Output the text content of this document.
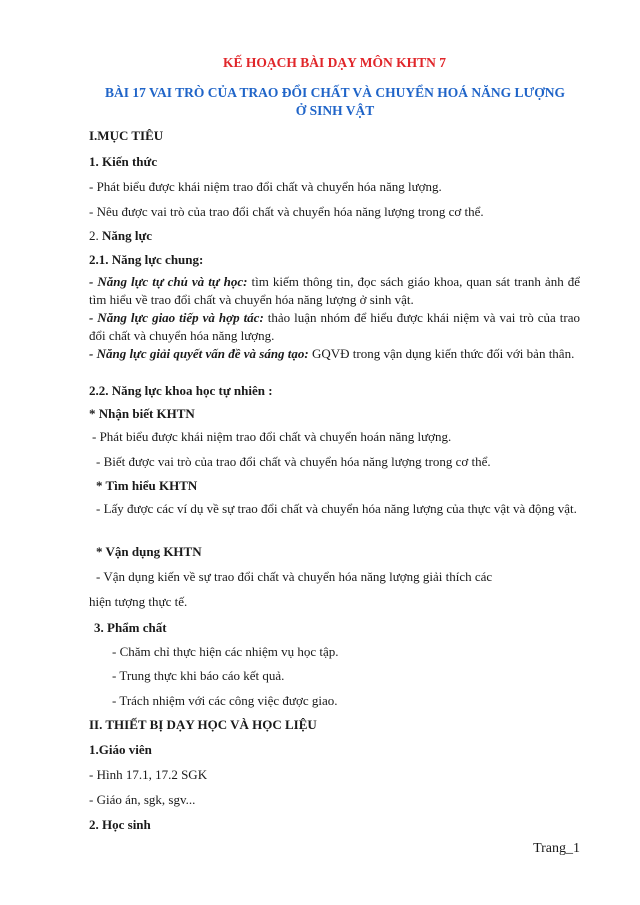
KẾ HOẠCH BÀI DẠY MÔN KHTN 7
BÀI 17 VAI TRÒ CỦA TRAO ĐỔI CHẤT VÀ CHUYỂN HOÁ NĂNG LƯỢNG Ở SINH VẬT
I.MỤC TIÊU
1. Kiến thức
- Phát biểu được khái niệm trao đổi chất và chuyển hóa năng lượng.
- Nêu được vai trò của trao đổi chất và chuyển hóa năng lượng trong cơ thể.
2. Năng lực
2.1. Năng lực chung:
- Năng lực tự chủ và tự học: tìm kiếm thông tin, đọc sách giáo khoa, quan sát tranh ảnh để tìm hiểu về trao đổi chất và chuyển hóa năng lượng ở sinh vật.
- Năng lực giao tiếp và hợp tác: thảo luận nhóm để hiểu được khái niệm và vai trò của trao đổi chất và chuyển hóa năng lượng.
- Năng lực giải quyết vấn đề và sáng tạo: GQVĐ trong vận dụng kiến thức đối với bản thân.
2.2. Năng lực khoa học tự nhiên :
* Nhận biết KHTN
- Phát biểu được khái niệm trao đổi chất và chuyển hoán năng lượng.
- Biết được vai trò của trao đổi chất và chuyển hóa năng lượng trong cơ thể.
* Tìm hiểu KHTN
- Lấy được các ví dụ về sự trao đổi chất và chuyển hóa năng lượng của thực vật và động vật.
* Vận dụng KHTN
- Vận dụng kiến về sự trao đổi chất và chuyển hóa năng lượng giải thích các
hiện tượng thực tế.
3. Phẩm chất
- Chăm chỉ thực hiện các nhiệm vụ học tập.
- Trung thực khi báo cáo kết quả.
- Trách nhiệm với các công việc được giao.
II. THIẾT BỊ DẠY HỌC VÀ HỌC LIỆU
1.Giáo viên
- Hình 17.1, 17.2 SGK
- Giáo án, sgk, sgv...
2. Học sinh
Trang_1
